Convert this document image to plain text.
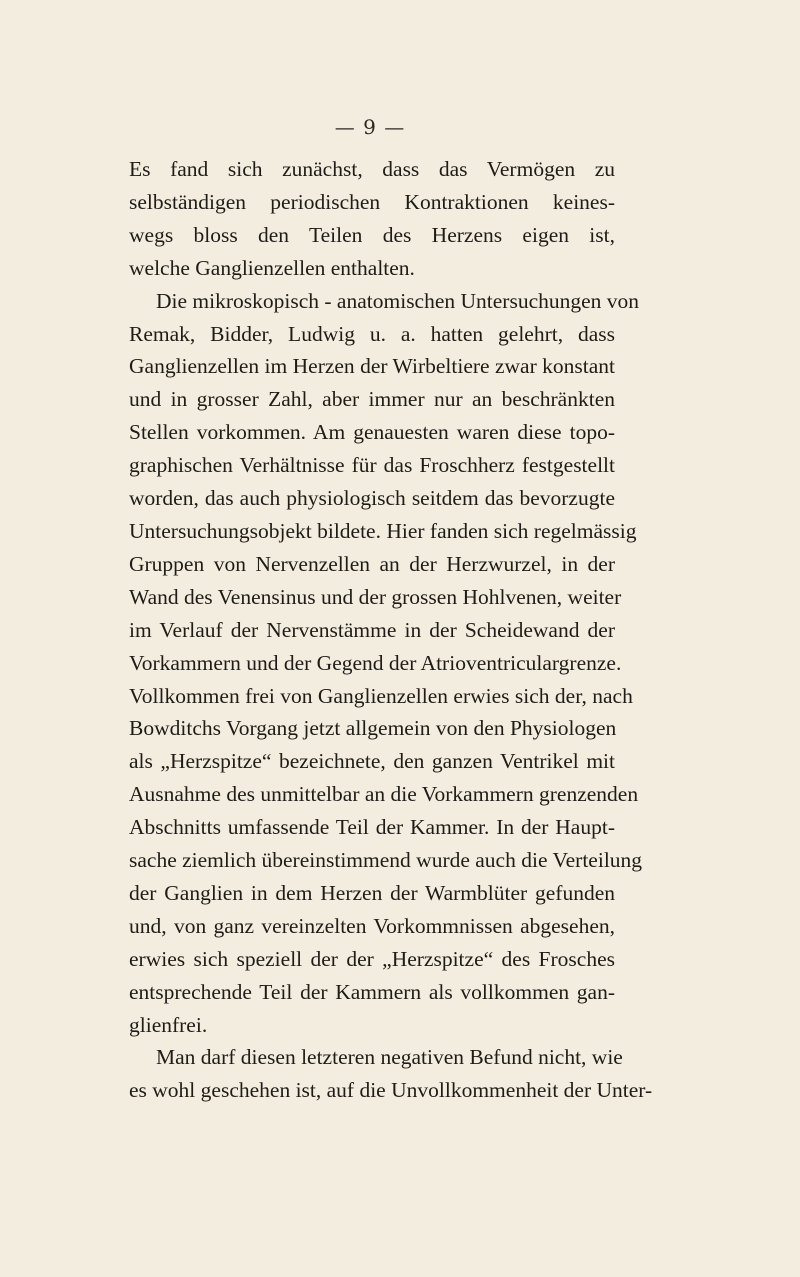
— 9 —
Es fand sich zunächst, dass das Vermögen zu
selbständigen periodischen Kontraktionen keines-
wegs bloss den Teilen des Herzens eigen ist,
welche Ganglienzellen enthalten.
Die mikroskopisch - anatomischen Untersuchungen von
Remak, Bidder, Ludwig u. a. hatten gelehrt, dass
Ganglienzellen im Herzen der Wirbeltiere zwar konstant
und in grosser Zahl, aber immer nur an beschränkten
Stellen vorkommen. Am genauesten waren diese topo-
graphischen Verhältnisse für das Froschherz festgestellt
worden, das auch physiologisch seitdem das bevorzugte
Untersuchungsobjekt bildete. Hier fanden sich regelmässig
Gruppen von Nervenzellen an der Herzwurzel, in der
Wand des Venensinus und der grossen Hohlvenen, weiter
im Verlauf der Nervenstämme in der Scheidewand der
Vorkammern und der Gegend der Atrioventriculargrenze.
Vollkommen frei von Ganglienzellen erwies sich der, nach
Bowditchs Vorgang jetzt allgemein von den Physiologen
als „Herzspitze“ bezeichnete, den ganzen Ventrikel mit
Ausnahme des unmittelbar an die Vorkammern grenzenden
Abschnitts umfassende Teil der Kammer. In der Haupt-
sache ziemlich übereinstimmend wurde auch die Verteilung
der Ganglien in dem Herzen der Warmblüter gefunden
und, von ganz vereinzelten Vorkommnissen abgesehen,
erwies sich speziell der der „Herzspitze“ des Frosches
entsprechende Teil der Kammern als vollkommen gan-
glienfrei.
Man darf diesen letzteren negativen Befund nicht, wie
es wohl geschehen ist, auf die Unvollkommenheit der Unter-
